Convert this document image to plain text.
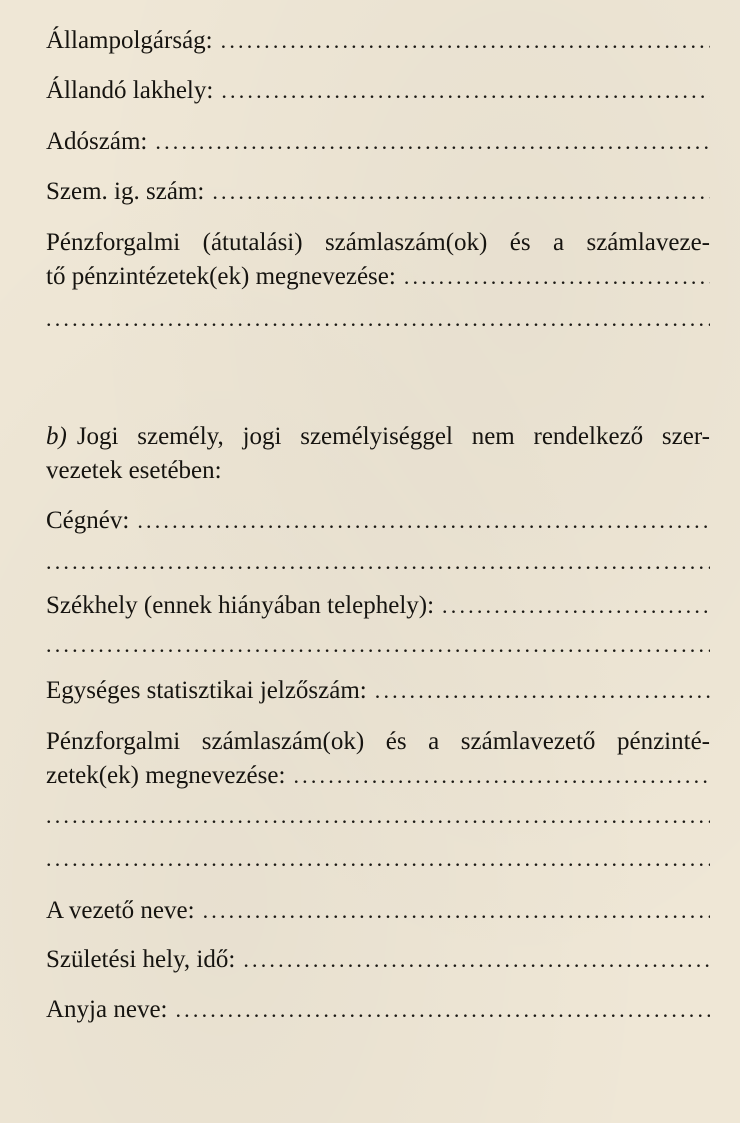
Állampolgárság:
.....
Állandó lakhely:
.....
Adószám:
.....
Szem. ig. szám:
.....
Pénzforgalmi (átutalási) számlaszám(ok) és a számlaveze-
tő pénzintézetek(ek) megnevezése:
.....
.....
b) Jogi személy, jogi személyiséggel nem rendelkező szer-
vezetek esetében:
Cégnév:
.....
.....
Székhely (ennek hiányában telephely):
.....
.....
Egységes statisztikai jelzőszám:
.....
Pénzforgalmi számlaszám(ok) és a számlavezető pénzinté-
zetek(ek) megnevezése:
.....
.....
.....
A vezető neve:
.....
Születési hely, idő:
.....
Anyja neve:
.....
